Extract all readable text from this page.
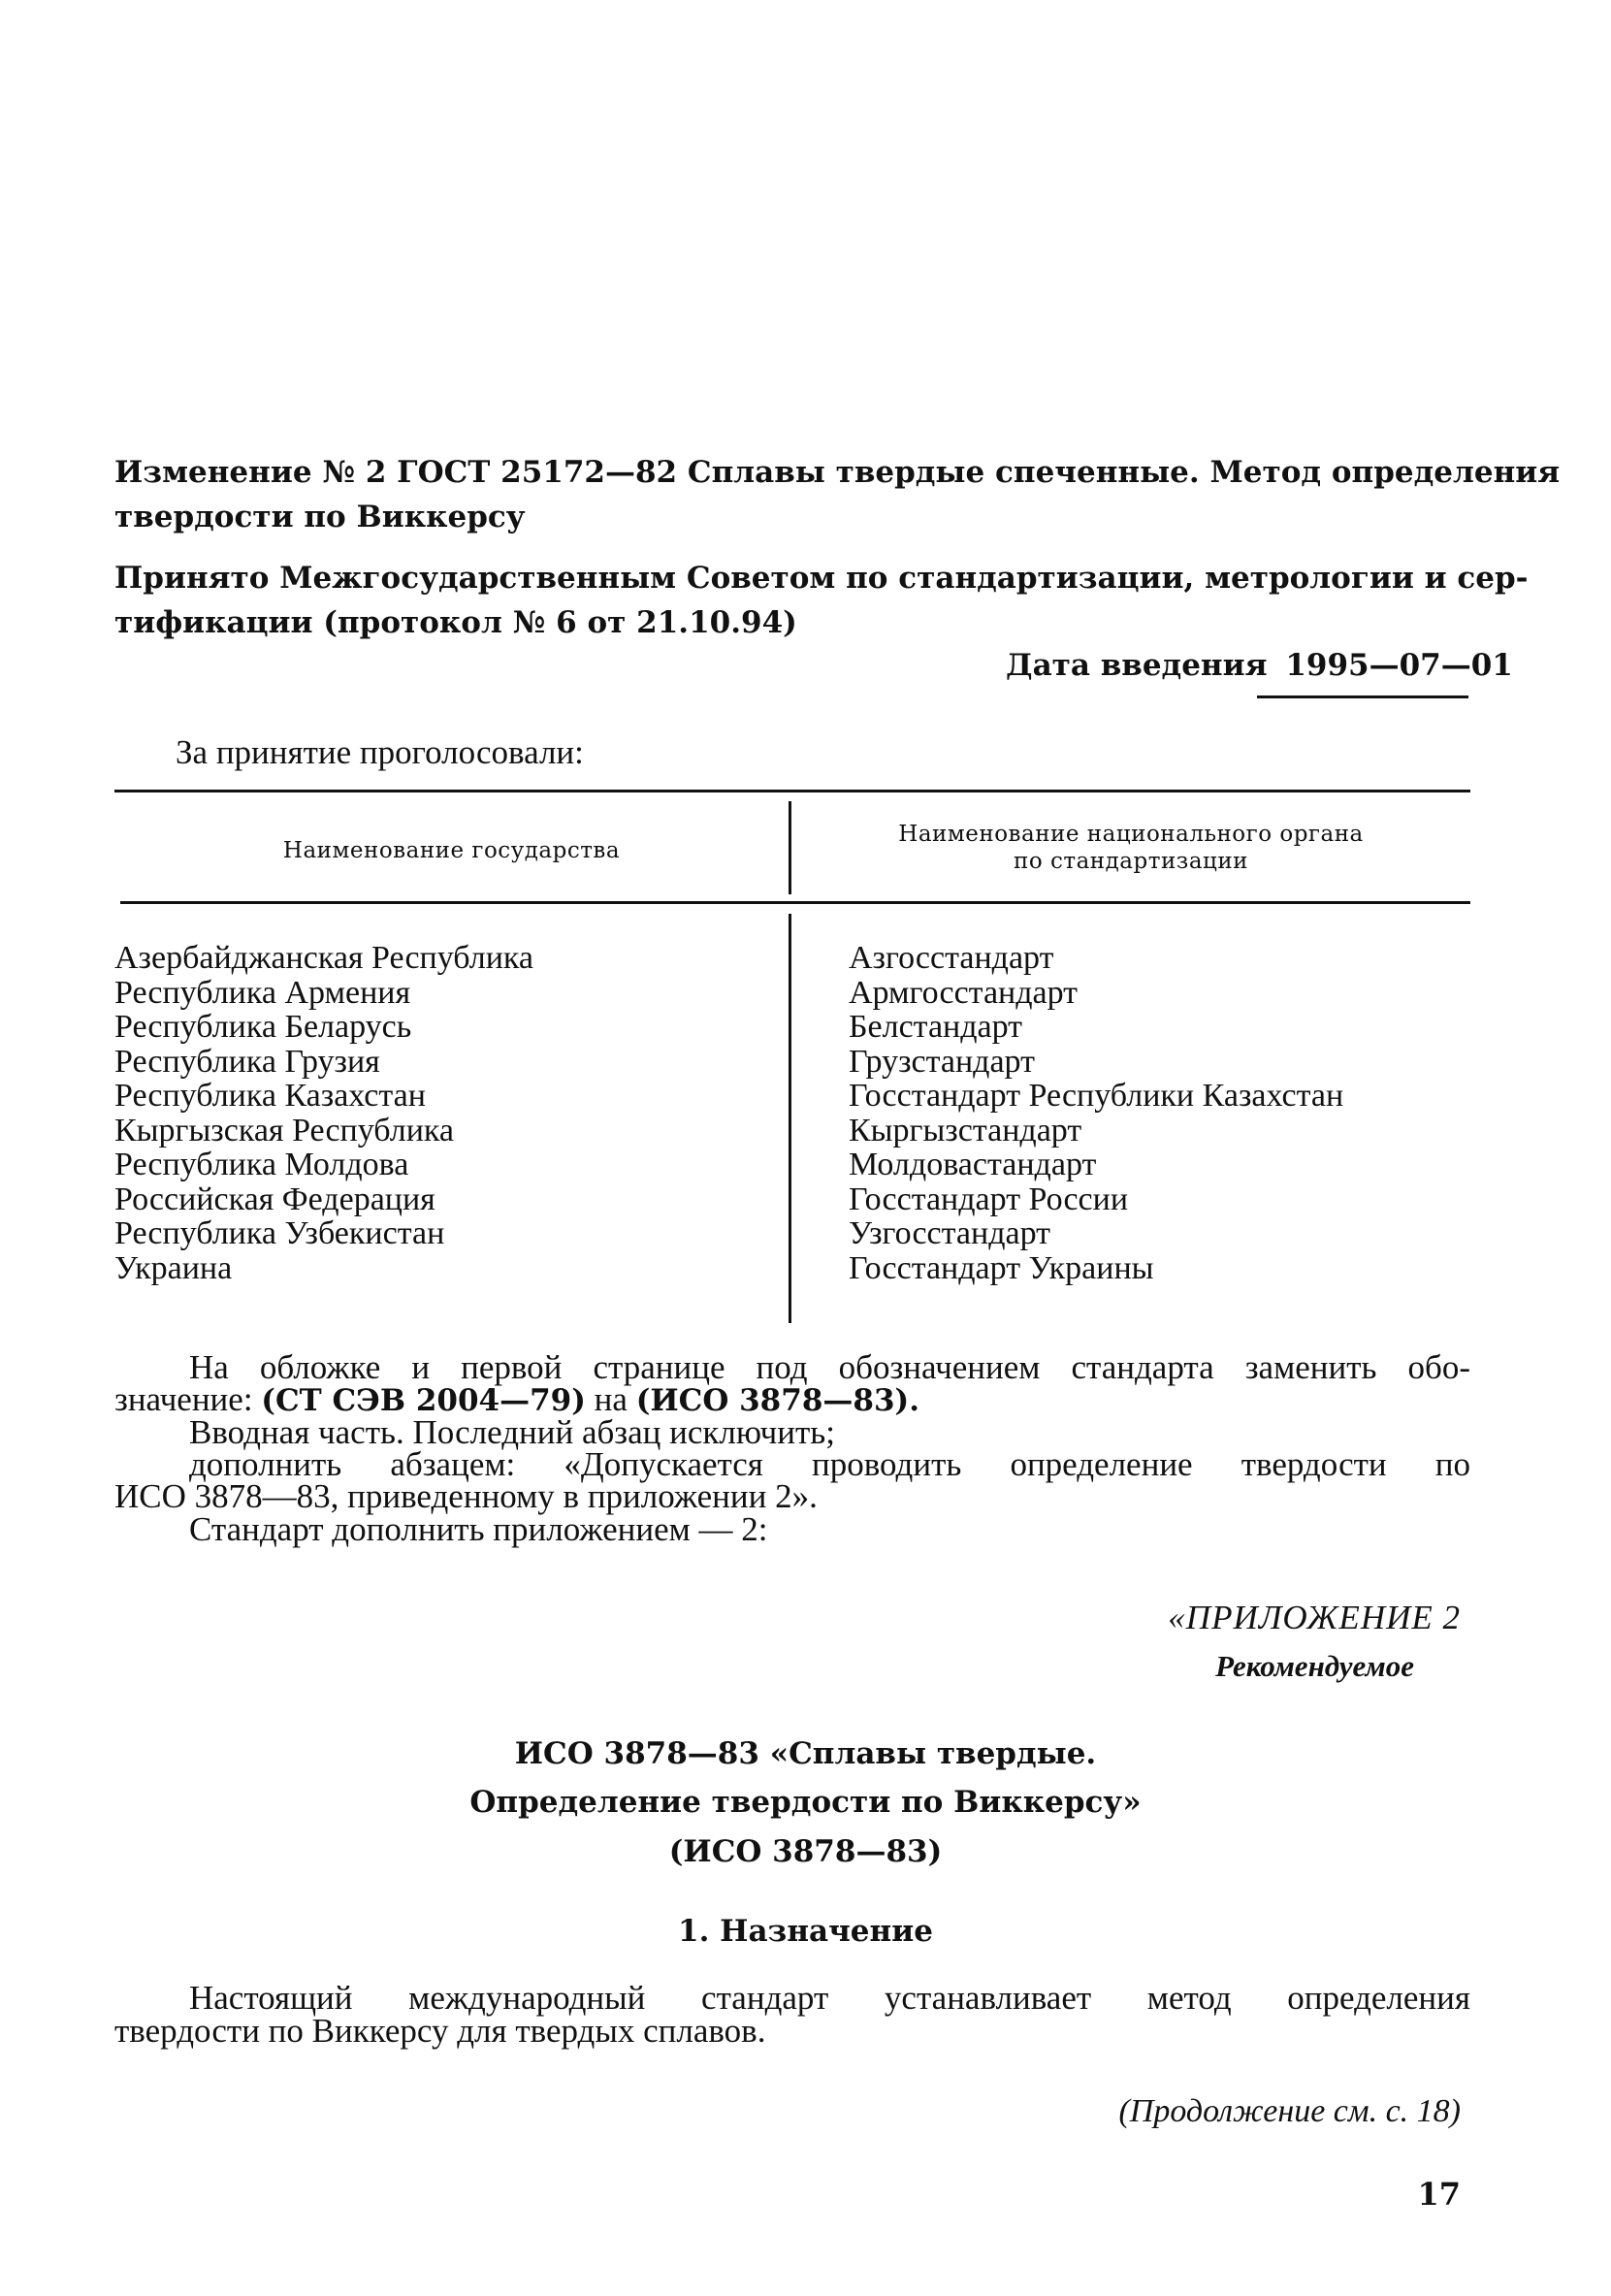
Изменение № 2 ГОСТ 25172—82 Сплавы твердые спеченные. Метод определения
твердости по Виккерсу
Принято Межгосударственным Советом по стандартизации, метрологии и сер-
тификации (протокол № 6 от 21.10.94)
Дата введения 1995—07—01
За принятие проголосовали:
Наименование государства
Наименование национального органа
по стандартизации
Азербайджанская Республика
Республика Армения
Республика Беларусь
Республика Грузия
Республика Казахстан
Кыргызская Республика
Республика Молдова
Российская Федерация
Республика Узбекистан
Украина
Азгосстандарт
Армгосстандарт
Белстандарт
Грузстандарт
Госстандарт Республики Казахстан
Кыргызстандарт
Молдовастандарт
Госстандарт России
Узгосстандарт
Госстандарт Украины
На обложке и первой странице под обозначением стандарта заменить обо-
значение: (СТ СЭВ 2004—79) на (ИСО 3878—83).
Вводная часть. Последний абзац исключить;
дополнить абзацем: «Допускается проводить определение твердости по
ИСО 3878—83, приведенному в приложении 2».
Стандарт дополнить приложением — 2:
«ПРИЛОЖЕНИЕ 2
Рекомендуемое
ИСО 3878—83 «Сплавы твердые.
Определение твердости по Виккерсу»
(ИСО 3878—83)
1. Назначение
Настоящий международный стандарт устанавливает метод определения
твердости по Виккерсу для твердых сплавов.
(Продолжение см. с. 18)
17
